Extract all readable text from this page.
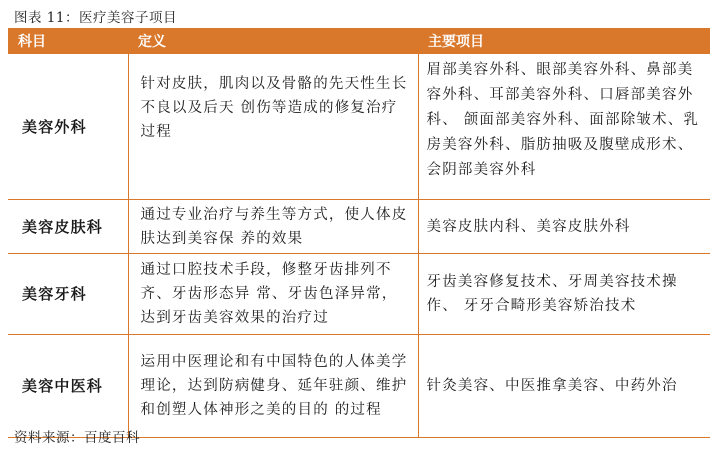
图表 11：医疗美容子项目
科目	定义	主要项目
美容外科	针对皮肤，肌肉以及骨骼的先天性生长不良以及后天 创伤等造成的修复治疗过程	眉部美容外科、眼部美容外科、鼻部美容外科、耳部美容外科、口唇部美容外科、 颌面部美容外科、面部除皱术、乳房美容外科、脂肪抽吸及腹壁成形术、会阴部美容外科
美容皮肤科	通过专业治疗与养生等方式，使人体皮肤达到美容保 养的效果	美容皮肤内科、美容皮肤外科
美容牙科	通过口腔技术手段，修整牙齿排列不齐、牙齿形态异 常、牙齿色泽异常，达到牙齿美容效果的治疗过	牙齿美容修复技术、牙周美容技术操作、 牙牙合畸形美容矫治技术
美容中医科	运用中医理论和有中国特色的人体美学理论，达到防病健身、延年驻颜、维护和创塑人体神形之美的目的 的过程	针灸美容、中医推拿美容、中药外治
资料来源：百度百科
